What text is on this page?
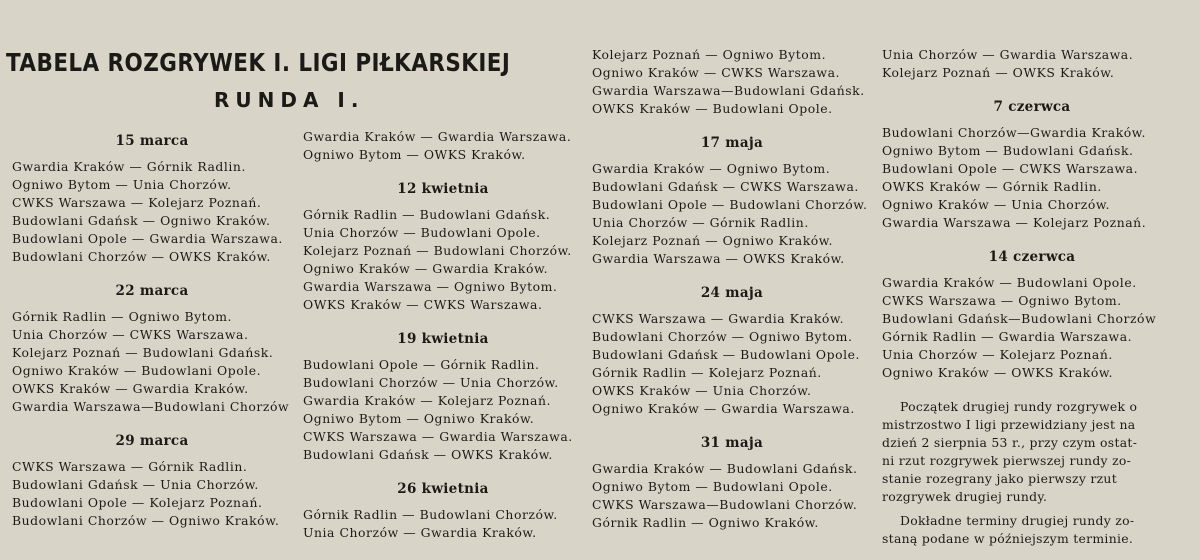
TABELA ROZGRYWEK I. LIGI PIŁKARSKIEJ
RUNDA I.
15 marca
Gwardia Kraków — Górnik Radlin.
Ogniwo Bytom — Unia Chorzów.
CWKS Warszawa — Kolejarz Poznań.
Budowlani Gdańsk — Ogniwo Kraków.
Budowlani Opole — Gwardia Warszawa.
Budowlani Chorzów — OWKS Kraków.
22 marca
Górnik Radlin — Ogniwo Bytom.
Unia Chorzów — CWKS Warszawa.
Kolejarz Poznań — Budowlani Gdańsk.
Ogniwo Kraków — Budowlani Opole.
OWKS Kraków — Gwardia Kraków.
Gwardia Warszawa—Budowlani Chorzów
29 marca
CWKS Warszawa — Górnik Radlin.
Budowlani Gdańsk — Unia Chorzów.
Budowlani Opole — Kolejarz Poznań.
Budowlani Chorzów — Ogniwo Kraków.
Gwardia Kraków — Gwardia Warszawa.
Ogniwo Bytom — OWKS Kraków.
12 kwietnia
Górnik Radlin — Budowlani Gdańsk.
Unia Chorzów — Budowlani Opole.
Kolejarz Poznań — Budowlani Chorzów.
Ogniwo Kraków — Gwardia Kraków.
Gwardia Warszawa — Ogniwo Bytom.
OWKS Kraków — CWKS Warszawa.
19 kwietnia
Budowlani Opole — Górnik Radlin.
Budowlani Chorzów — Unia Chorzów.
Gwardia Kraków — Kolejarz Poznań.
Ogniwo Bytom — Ogniwo Kraków.
CWKS Warszawa — Gwardia Warszawa.
Budowlani Gdańsk — OWKS Kraków.
26 kwietnia
Górnik Radlin — Budowlani Chorzów.
Unia Chorzów — Gwardia Kraków.
Kolejarz Poznań — Ogniwo Bytom.
Ogniwo Kraków — CWKS Warszawa.
Gwardia Warszawa—Budowlani Gdańsk.
OWKS Kraków — Budowlani Opole.
17 maja
Gwardia Kraków — Ogniwo Bytom.
Budowlani Gdańsk — CWKS Warszawa.
Budowlani Opole — Budowlani Chorzów.
Unia Chorzów — Górnik Radlin.
Kolejarz Poznań — Ogniwo Kraków.
Gwardia Warszawa — OWKS Kraków.
24 maja
CWKS Warszawa — Gwardia Kraków.
Budowlani Chorzów — Ogniwo Bytom.
Budowlani Gdańsk — Budowlani Opole.
Górnik Radlin — Kolejarz Poznań.
OWKS Kraków — Unia Chorzów.
Ogniwo Kraków — Gwardia Warszawa.
31 maja
Gwardia Kraków — Budowlani Gdańsk.
Ogniwo Bytom — Budowlani Opole.
CWKS Warszawa—Budowlani Chorzów.
Górnik Radlin — Ogniwo Kraków.
Unia Chorzów — Gwardia Warszawa.
Kolejarz Poznań — OWKS Kraków.
7 czerwca
Budowlani Chorzów—Gwardia Kraków.
Ogniwo Bytom — Budowlani Gdańsk.
Budowlani Opole — CWKS Warszawa.
OWKS Kraków — Górnik Radlin.
Ogniwo Kraków — Unia Chorzów.
Gwardia Warszawa — Kolejarz Poznań.
14 czerwca
Gwardia Kraków — Budowlani Opole.
CWKS Warszawa — Ogniwo Bytom.
Budowlani Gdańsk—Budowlani Chorzów
Górnik Radlin — Gwardia Warszawa.
Unia Chorzów — Kolejarz Poznań.
Ogniwo Kraków — OWKS Kraków.
Początek drugiej rundy rozgrywek o
mistrzostwo I ligi przewidziany jest na
dzień 2 sierpnia 53 r., przy czym ostat-
ni rzut rozgrywek pierwszej rundy zo-
stanie rozegrany jako pierwszy rzut
rozgrywek drugiej rundy.
Dokładne terminy drugiej rundy zo-
staną podane w późniejszym terminie.
